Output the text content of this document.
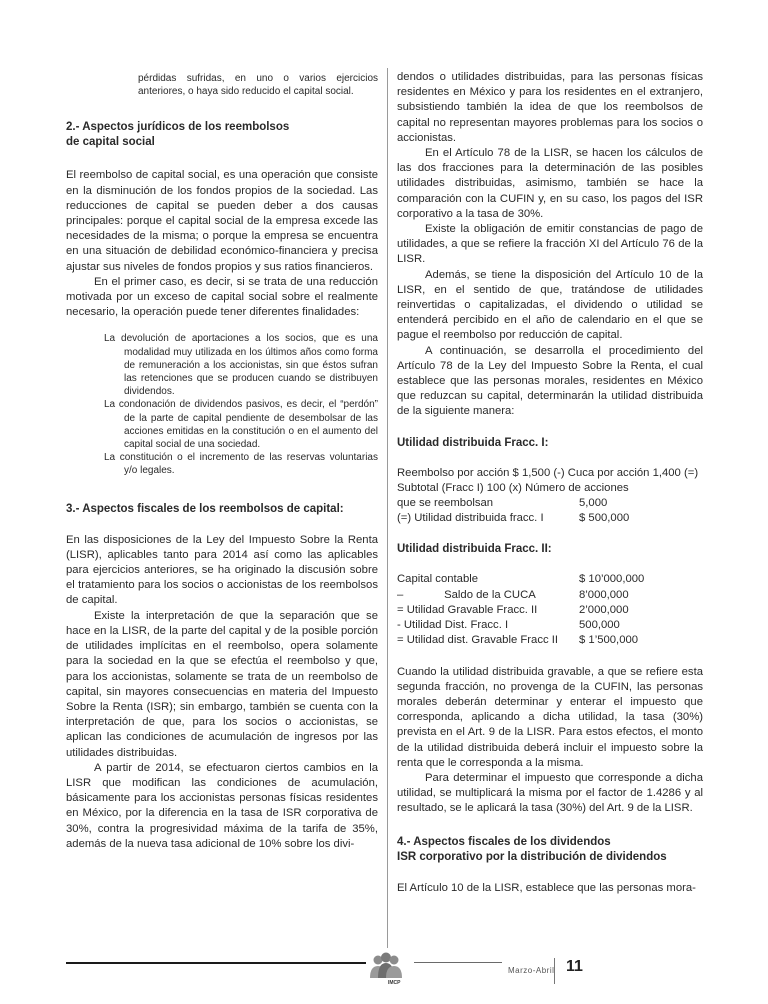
pérdidas sufridas, en uno o varios ejercicios anteriores, o haya sido reducido el capital social.

2.- Aspectos jurídicos de los reembolsos

de capital social

El reembolso de capital social, es una operación que consiste en la disminución de los fondos propios de la sociedad. Las reducciones de capital se pueden deber a dos causas principales: porque el capital social de la empresa excede las necesidades de la misma; o porque la empresa se encuentra en una situación de debilidad económico-financiera y precisa ajustar sus niveles de fondos propios y sus ratios financieros.

En el primer caso, es decir, si se trata de una reducción motivada por un exceso de capital social sobre el realmente necesario, la operación puede tener diferentes finalidades:

La devolución de aportaciones a los socios, que es una modalidad muy utilizada en los últimos años como forma de remuneración a los accionistas, sin que éstos sufran las retenciones que se producen cuando se distribuyen dividendos.

La condonación de dividendos pasivos, es decir, el “perdón” de la parte de capital pendiente de desembolsar de las acciones emitidas en la constitución o en el aumento del capital social de una sociedad.

La constitución o el incremento de las reservas voluntarias y/o legales.

3.- Aspectos fiscales de los reembolsos de capital:

En las disposiciones de la Ley del Impuesto Sobre la Renta (LISR), aplicables tanto para 2014 así como las aplicables para ejercicios anteriores, se ha originado la discusión sobre el tratamiento para los socios o accionistas de los reembolsos de capital.

Existe la interpretación de que la separación que se hace en la LISR, de la parte del capital y de la posible porción de utilidades implícitas en el reembolso, opera solamente para la sociedad en la que se efectúa el reembolso y que, para los accionistas, solamente se trata de un reembolso de capital, sin mayores consecuencias en materia del Impuesto Sobre la Renta (ISR); sin embargo, también se cuenta con la interpretación de que, para los socios o accionistas, se aplican las condiciones de acumulación de ingresos por las utilidades distribuidas.

A partir de 2014, se efectuaron ciertos cambios en la LISR que modifican las condiciones de acumulación, básicamente para los accionistas personas físicas residentes en México, por la diferencia en la tasa de ISR corporativa de 30%, contra la progresividad máxima de la tarifa de 35%, además de la nueva tasa adicional de 10% sobre los divi-

dendos o utilidades distribuidas, para las personas físicas residentes en México y para los residentes en el extranjero, subsistiendo también la idea de que los reembolsos de capital no representan mayores problemas para los socios o accionistas.

En el Artículo 78 de la LISR, se hacen los cálculos de las dos fracciones para la determinación de las posibles utilidades distribuidas, asimismo, también se hace la comparación con la CUFIN y, en su caso, los pagos del ISR corporativo a la tasa de 30%.

Existe la obligación de emitir constancias de pago de utilidades, a que se refiere la fracción XI del Artículo 76 de la LISR.

Además, se tiene la disposición del Artículo 10 de la LISR, en el sentido de que, tratándose de utilidades reinvertidas o capitalizadas, el dividendo o utilidad se entenderá percibido en el año de calendario en el que se pague el reembolso por reducción de capital.

A continuación, se desarrolla el procedimiento del Artículo 78 de la Ley del Impuesto Sobre la Renta, el cual establece que las personas morales, residentes en México que reduzcan su capital, determinarán la utilidad distribuida de la siguiente manera:

Utilidad distribuida Fracc. I:

Reembolso por acción $ 1,500 (-) Cuca por acción 1,400 (=)

Subtotal (Fracc I) 100 (x) Número de acciones

que se reembolsan	5,000
(=) Utilidad distribuida fracc. I	$ 500,000

Utilidad distribuida Fracc. II:

Capital contable	$ 10’000,000
–             Saldo de la CUCA	8’000,000
= Utilidad Gravable Fracc. II	2’000,000
- Utilidad Dist. Fracc. I	500,000
= Utilidad dist. Gravable Fracc II	$ 1’500,000

Cuando la utilidad distribuida gravable, a que se refiere esta segunda fracción, no provenga de la CUFIN, las personas morales deberán determinar y enterar el impuesto que corresponda, aplicando a dicha utilidad, la tasa (30%) prevista en el Art. 9 de la LISR. Para estos efectos, el monto de la utilidad distribuida deberá incluir el impuesto sobre la renta que le corresponda a la misma.

Para determinar el impuesto que corresponde a dicha utilidad, se multiplicará la misma por el factor de 1.4286 y al resultado, se le aplicará la tasa (30%) del Art. 9 de la LISR.

4.- Aspectos fiscales de los dividendos

ISR corporativo por la distribución de dividendos

El Artículo 10 de la LISR, establece que las personas mora-

IMCP
Marzo-Abril 11
